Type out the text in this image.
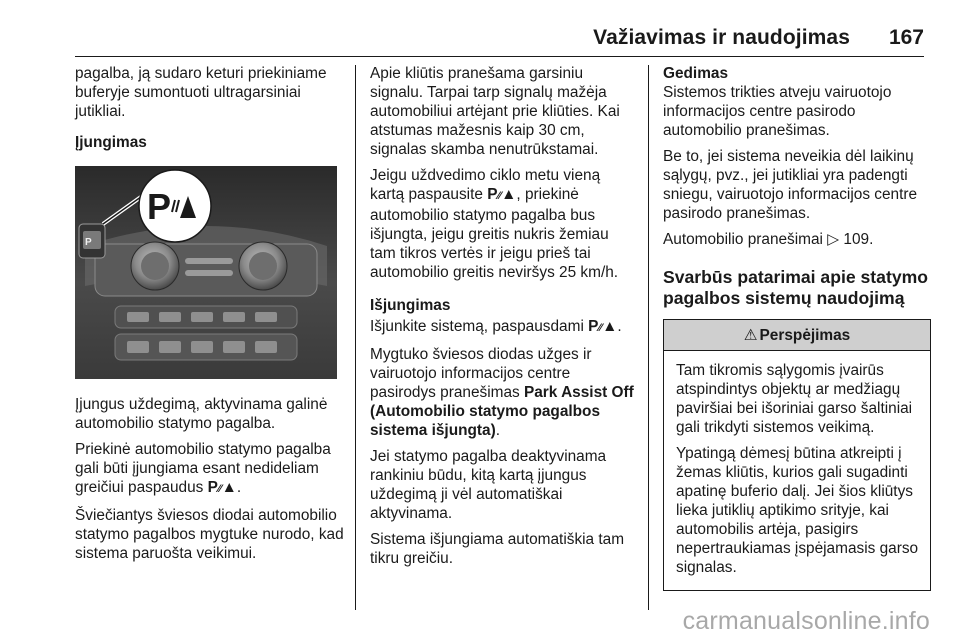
Važiavimas ir naudojimas 167

pagalba, ją sudaro keturi priekiniame buferyje sumontuoti ultragarsiniai jutikliai.

Įjungimas

P
P

Įjungus uždegimą, aktyvinama galinė automobilio statymo pagalba.

Priekinė automobilio statymo pagalba gali būti įjungiama esant nedideliam greičiui paspaudus P⁄⁄▲.

Šviečiantys šviesos diodai automobilio statymo pagalbos mygtuke nurodo, kad sistema paruošta veikimui.

Apie kliūtis pranešama garsiniu signalu. Tarpai tarp signalų mažėja automobiliui artėjant prie kliūties. Kai atstumas mažesnis kaip 30 cm, signalas skamba nenutrūkstamai.

Jeigu uždvedimo ciklo metu vieną kartą paspausite P⁄⁄▲, priekinė automobilio statymo pagalba bus išjungta, jeigu greitis nukris žemiau tam tikros vertės ir jeigu prieš tai automobilio greitis neviršys 25 km/h.

Išjungimas

Išjunkite sistemą, paspausdami P⁄⁄▲.

Mygtuko šviesos diodas užges ir vairuotojo informacijos centre pasirodys pranešimas Park Assist Off (Automobilio statymo pagalbos sistema išjungta).

Jei statymo pagalba deaktyvinama rankiniu būdu, kitą kartą įjungus uždegimą ji vėl automatiškai aktyvinama.

Sistema išjungiama automatiškia tam tikru greičiu.

Gedimas

Sistemos trikties atveju vairuotojo informacijos centre pasirodo automobilio pranešimas.

Be to, jei sistema neveikia dėl laikinų sąlygų, pvz., jei jutikliai yra padengti sniegu, vairuotojo informacijos centre pasirodo pranešimas.

Automobilio pranešimai ▷ 109.

Svarbūs patarimai apie statymo pagalbos sistemų naudojimą

⚠ Perspėjimas

Tam tikromis sąlygomis įvairūs atspindintys objektų ar medžiagų paviršiai bei išoriniai garso šaltiniai gali trikdyti sistemos veikimą.

Ypatingą dėmesį būtina atkreipti į žemas kliūtis, kurios gali sugadinti apatinę buferio dalį. Jei šios kliūtys lieka jutiklių aptikimo srityje, kai automobilis artėja, pasigirs nepertraukiamas įspėjamasis garso signalas.

carmanualsonline.info
